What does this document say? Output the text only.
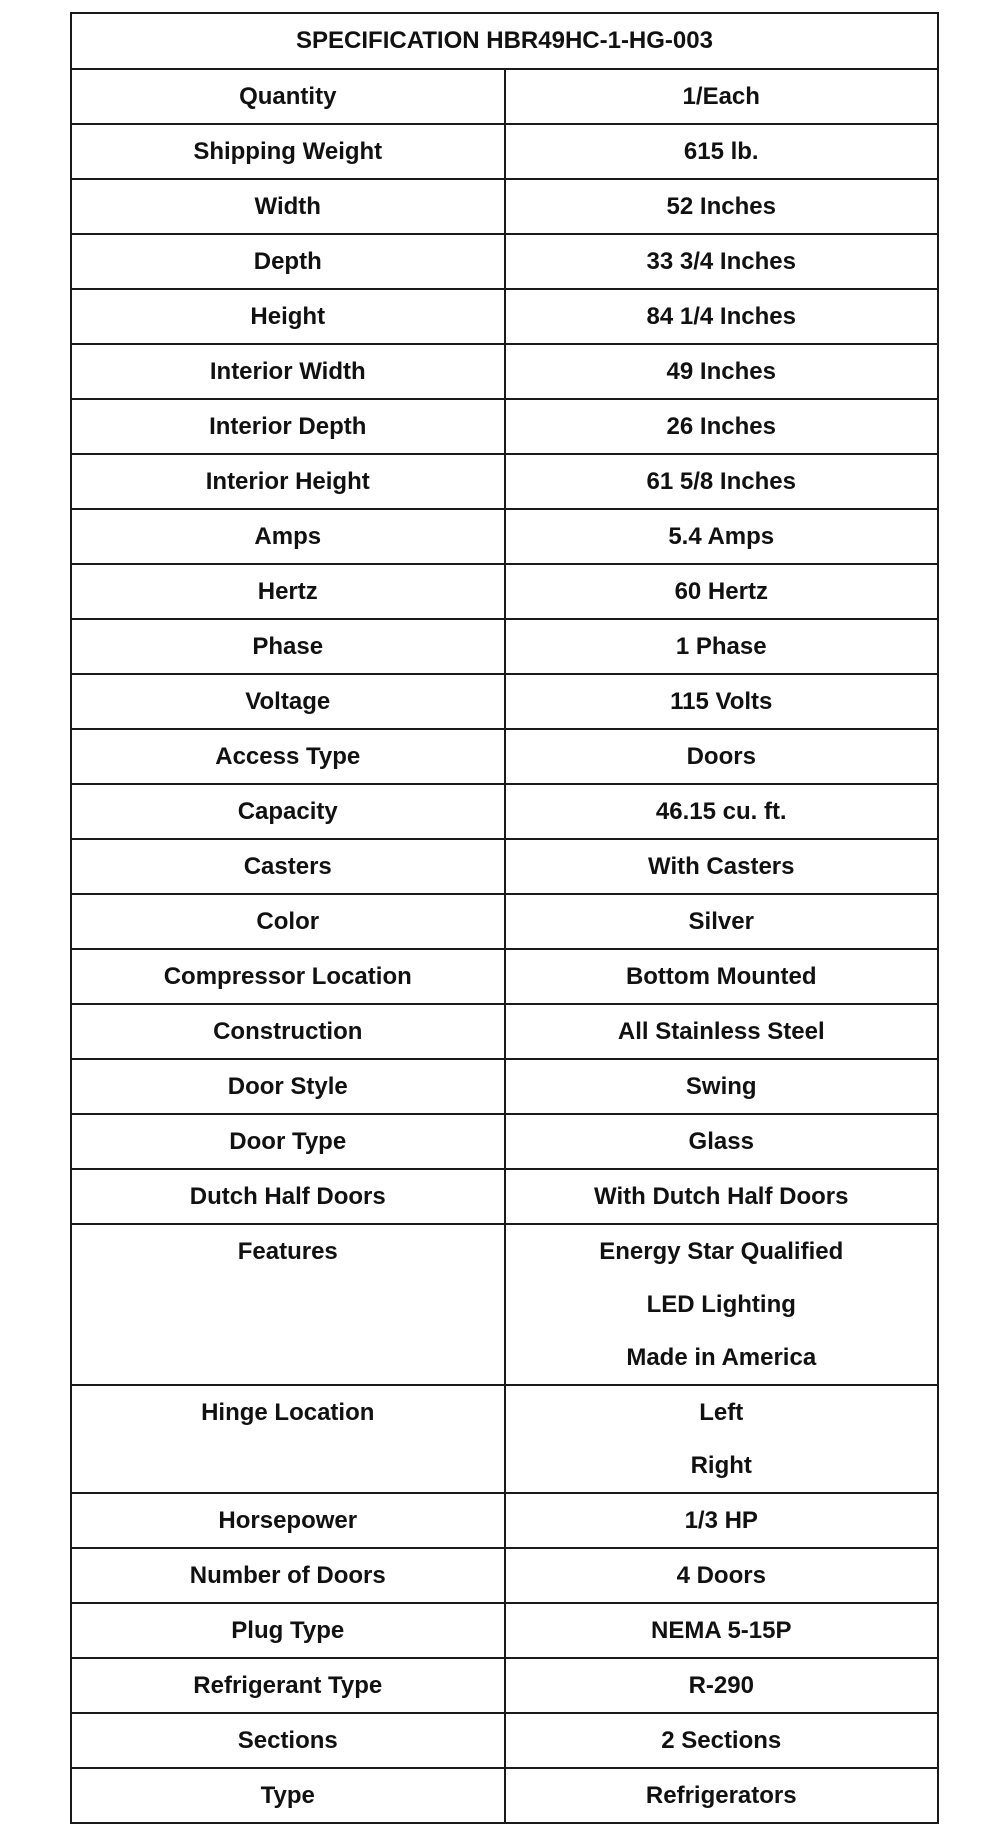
SPECIFICATION HBR49HC-1-HG-003	
Quantity	1/Each
Shipping Weight	615 lb.
Width	52 Inches
Depth	33 3/4 Inches
Height	84 1/4 Inches
Interior Width	49 Inches
Interior Depth	26 Inches
Interior Height	61 5/8 Inches
Amps	5.4 Amps
Hertz	60 Hertz
Phase	1 Phase
Voltage	115 Volts
Access Type	Doors
Capacity	46.15 cu. ft.
Casters	With Casters
Color	Silver
Compressor Location	Bottom Mounted
Construction	All Stainless Steel
Door Style	Swing
Door Type	Glass
Dutch Half Doors	With Dutch Half Doors
Features	Energy Star Qualified
LED Lighting
Made in America

Hinge Location	Left
Right

Horsepower	1/3 HP
Number of Doors	4 Doors
Plug Type	NEMA 5-15P
Refrigerant Type	R-290
Sections	2 Sections
Type	Refrigerators
